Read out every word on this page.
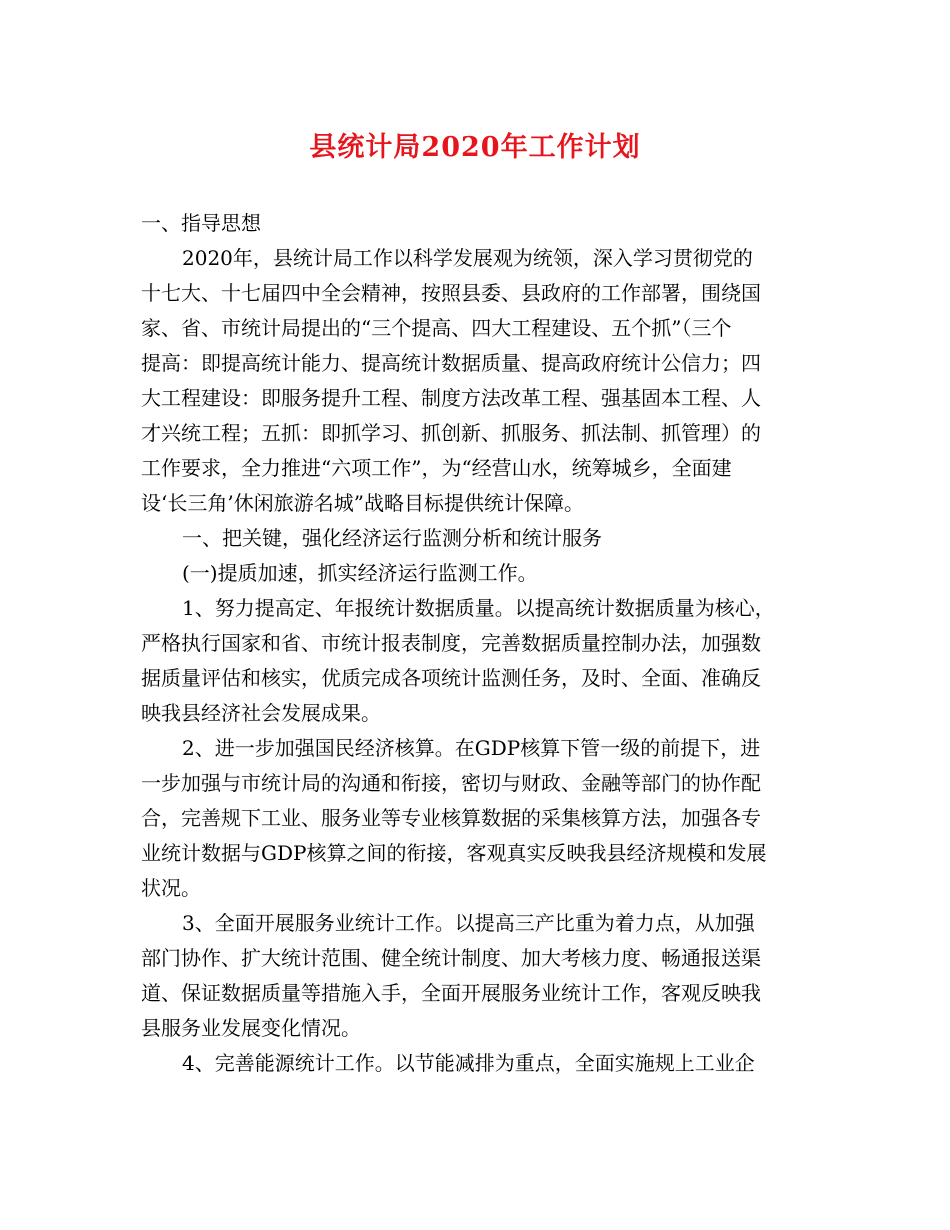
县统计局2020年工作计划
一、指导思想
2020年，县统计局工作以科学发展观为统领，深入学习贯彻党的
十七大、十七届四中全会精神，按照县委、县政府的工作部署，围绕国
家、省、市统计局提出的“三个提高、四大工程建设、五个抓”（三个
提高：即提高统计能力、提高统计数据质量、提高政府统计公信力；四
大工程建设：即服务提升工程、制度方法改革工程、强基固本工程、人
才兴统工程；五抓：即抓学习、抓创新、抓服务、抓法制、抓管理）的
工作要求，全力推进“六项工作”，为“经营山水，统筹城乡，全面建
设‘长三角’休闲旅游名城”战略目标提供统计保障。
一、把关键，强化经济运行监测分析和统计服务
(一)提质加速，抓实经济运行监测工作。
1、努力提高定、年报统计数据质量。以提高统计数据质量为核心，
严格执行国家和省、市统计报表制度，完善数据质量控制办法，加强数
据质量评估和核实，优质完成各项统计监测任务，及时、全面、准确反
映我县经济社会发展成果。
2、进一步加强国民经济核算。在GDP核算下管一级的前提下，进
一步加强与市统计局的沟通和衔接，密切与财政、金融等部门的协作配
合，完善规下工业、服务业等专业核算数据的采集核算方法，加强各专
业统计数据与GDP核算之间的衔接，客观真实反映我县经济规模和发展
状况。
3、全面开展服务业统计工作。以提高三产比重为着力点，从加强
部门协作、扩大统计范围、健全统计制度、加大考核力度、畅通报送渠
道、保证数据质量等措施入手，全面开展服务业统计工作，客观反映我
县服务业发展变化情况。
4、完善能源统计工作。以节能减排为重点，全面实施规上工业企
